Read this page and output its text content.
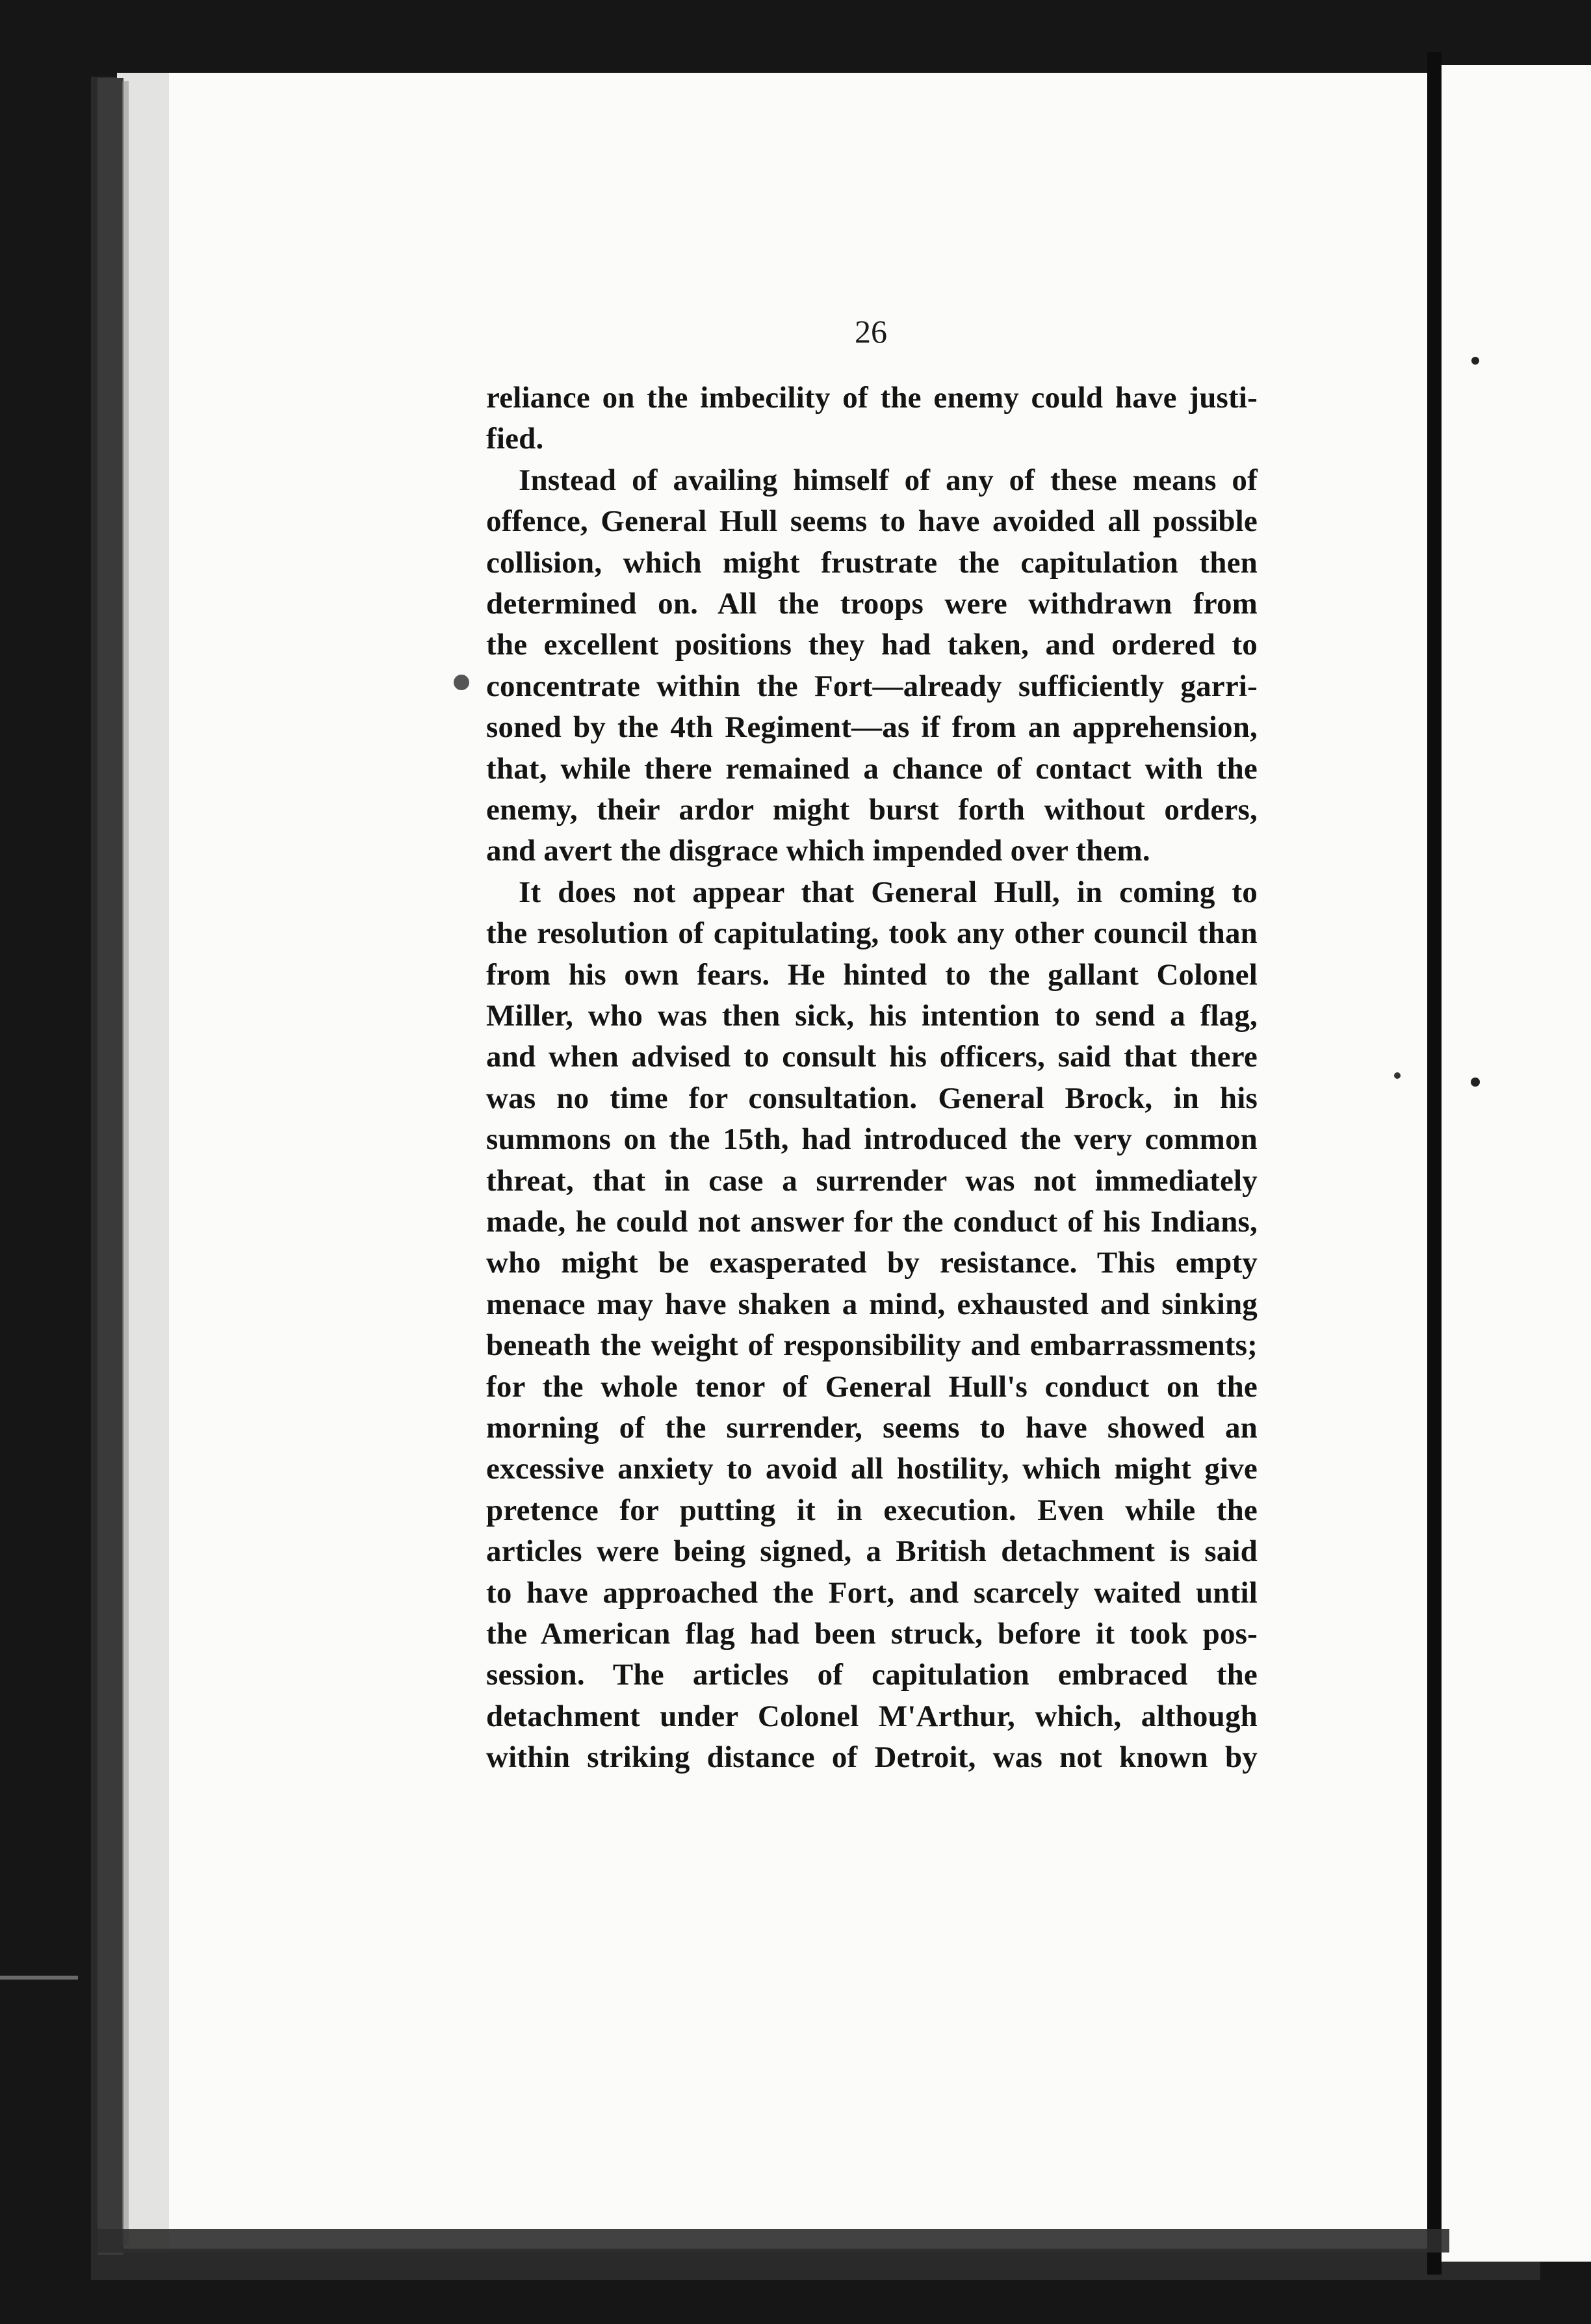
26
reliance on the imbecility of the enemy could have justi-
fied.
Instead of availing himself of any of these means of
offence, General Hull seems to have avoided all possible
collision, which might frustrate the capitulation then
determined on. All the troops were withdrawn from
the excellent positions they had taken, and ordered to
concentrate within the Fort—already sufficiently garri-
soned by the 4th Regiment—as if from an apprehension,
that, while there remained a chance of contact with the
enemy, their ardor might burst forth without orders,
and avert the disgrace which impended over them.
It does not appear that General Hull, in coming to
the resolution of capitulating, took any other council than
from his own fears. He hinted to the gallant Colonel
Miller, who was then sick, his intention to send a flag,
and when advised to consult his officers, said that there
was no time for consultation. General Brock, in his
summons on the 15th, had introduced the very common
threat, that in case a surrender was not immediately
made, he could not answer for the conduct of his Indians,
who might be exasperated by resistance. This empty
menace may have shaken a mind, exhausted and sinking
beneath the weight of responsibility and embarrassments;
for the whole tenor of General Hull's conduct on the
morning of the surrender, seems to have showed an
excessive anxiety to avoid all hostility, which might give
pretence for putting it in execution. Even while the
articles were being signed, a British detachment is said
to have approached the Fort, and scarcely waited until
the American flag had been struck, before it took pos-
session. The articles of capitulation embraced the
detachment under Colonel M'Arthur, which, although
within striking distance of Detroit, was not known by
